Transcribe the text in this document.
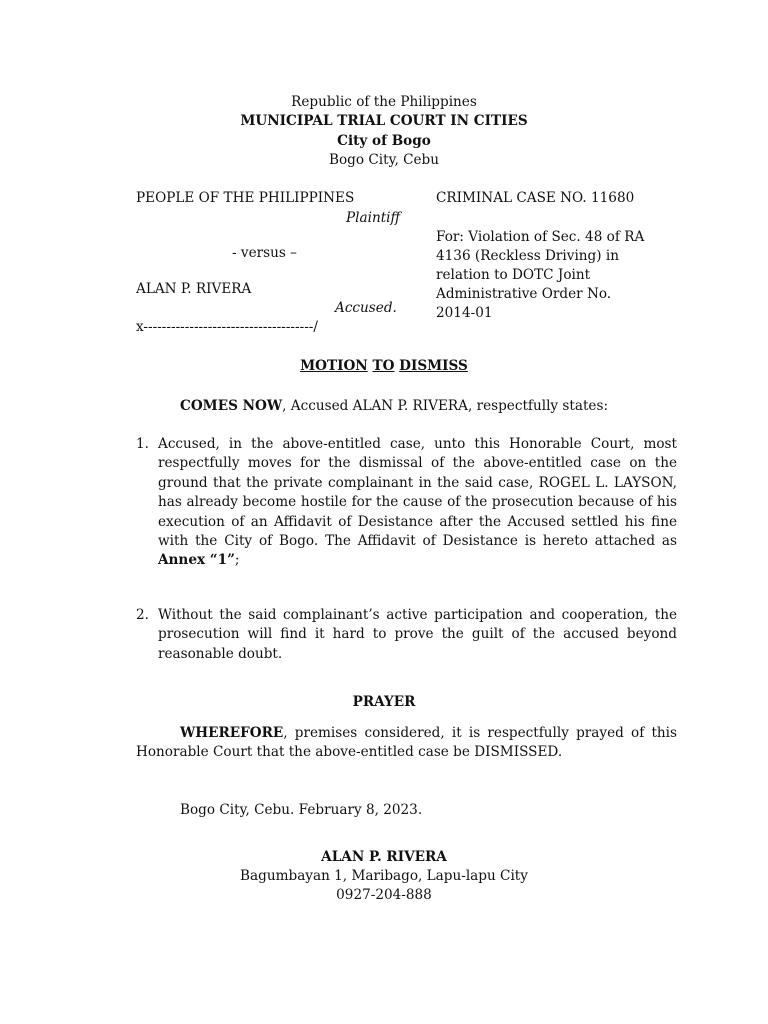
Republic of the Philippines
MUNICIPAL TRIAL COURT IN CITIES
City of Bogo
Bogo City, Cebu
PEOPLE OF THE PHILIPPINES
Plaintiff
- versus –
ALAN P. RIVERA
Accused.
x-------------------------------------/
CRIMINAL CASE NO. 11680
For: Violation of Sec. 48 of RA
4136 (Reckless Driving) in
relation to DOTC Joint
Administrative Order No.
2014-01
MOTION TO DISMISS
COMES NOW, Accused ALAN P. RIVERA, respectfully states:
1. Accused, in the above-entitled case, unto this Honorable Court, most respectfully moves for the dismissal of the above-entitled case on the ground that the private complainant in the said case, ROGEL L. LAYSON, has already become hostile for the cause of the prosecution because of his execution of an Affidavit of Desistance after the Accused settled his fine with the City of Bogo. The Affidavit of Desistance is hereto attached as Annex “1”;
2. Without the said complainant’s active participation and cooperation, the prosecution will find it hard to prove the guilt of the accused beyond reasonable doubt.
PRAYER
WHEREFORE, premises considered, it is respectfully prayed of this Honorable Court that the above-entitled case be DISMISSED.
Bogo City, Cebu. February 8, 2023.
ALAN P. RIVERA
Bagumbayan 1, Maribago, Lapu-lapu City
0927-204-888
